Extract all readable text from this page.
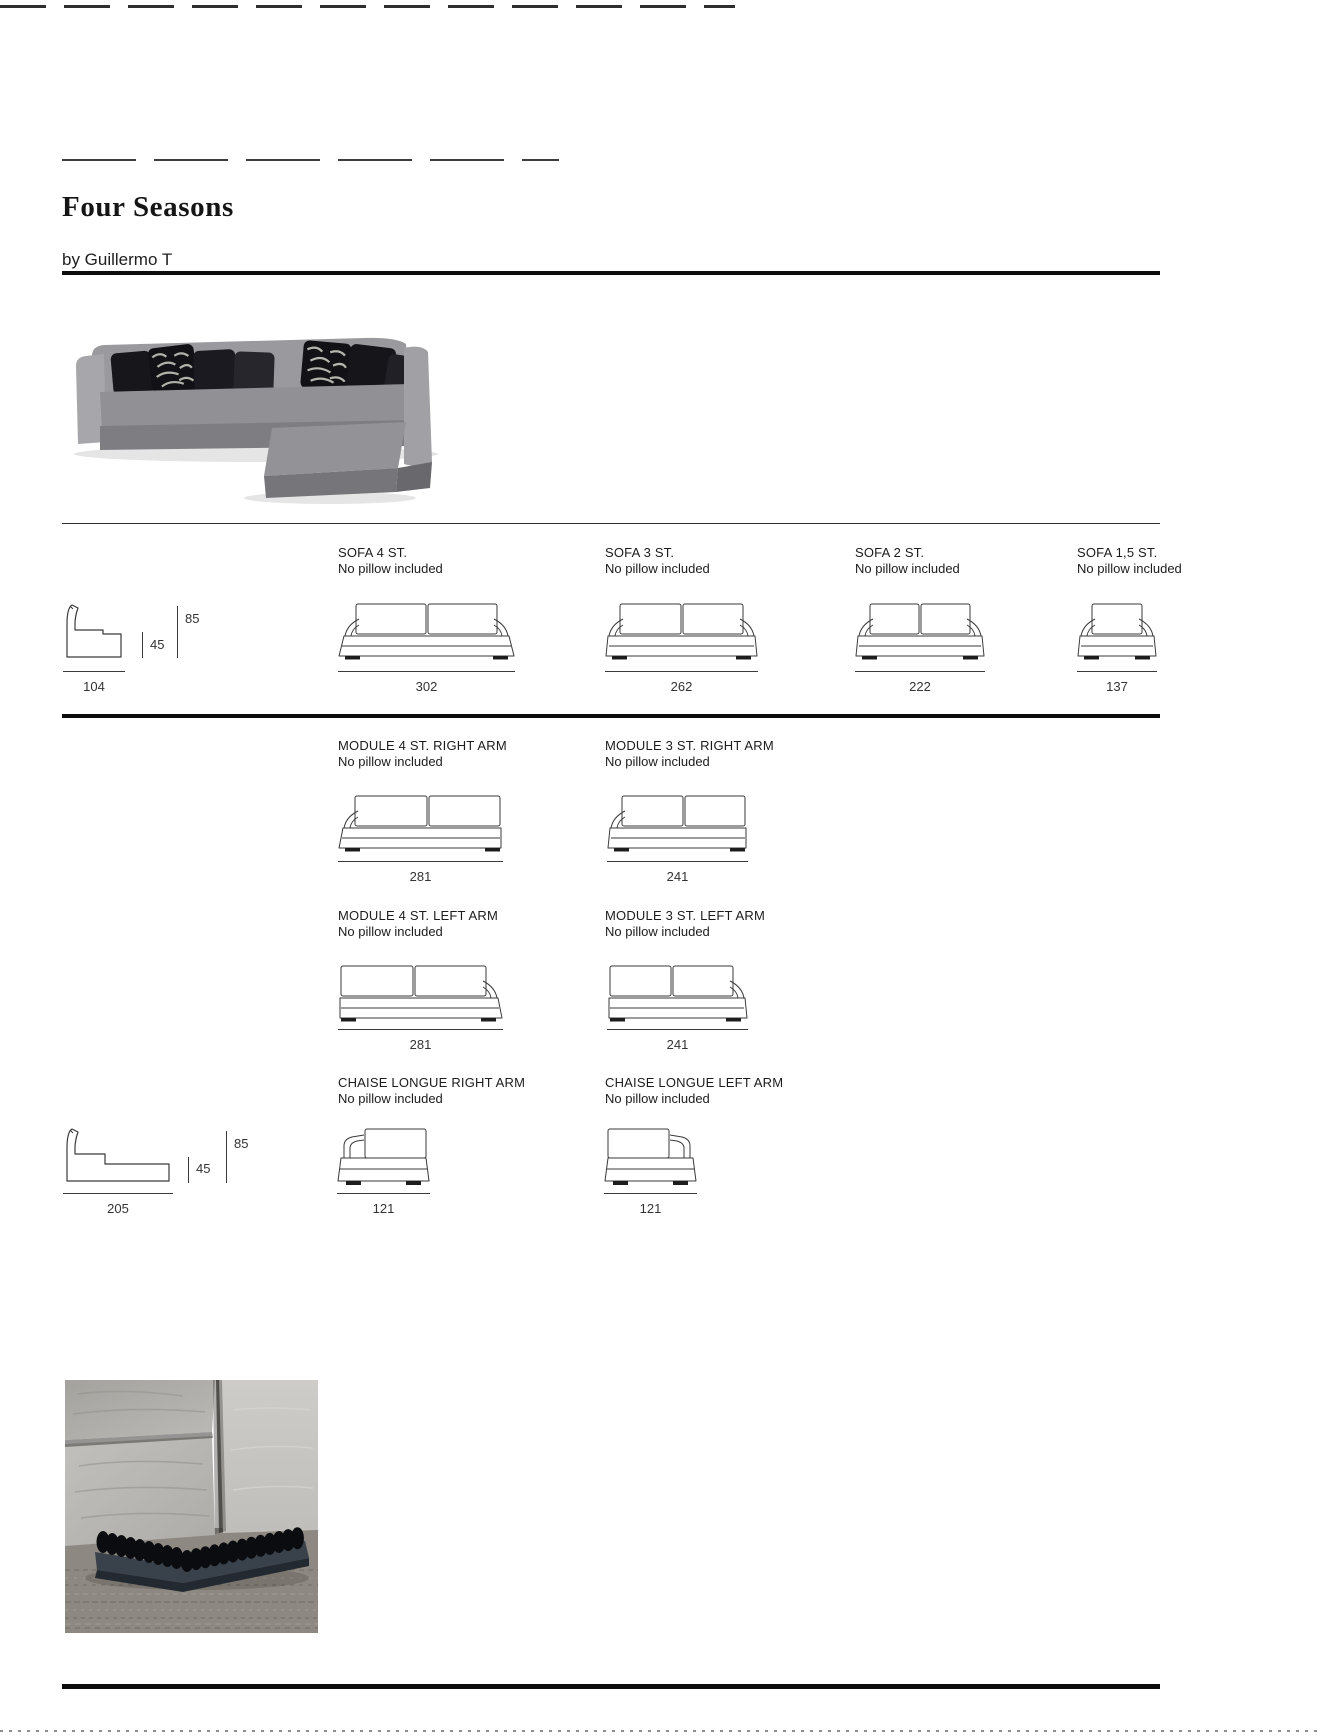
Four Seasons
by Guillermo T
45
85
104
SOFA 4 ST.
No pillow included
302
SOFA 3 ST.
No pillow included
262
SOFA 2 ST.
No pillow included
222
SOFA 1,5 ST.
No pillow included
137
MODULE 4 ST. RIGHT ARM
No pillow included
281
MODULE 3 ST. RIGHT ARM
No pillow included
241
MODULE 4 ST. LEFT ARM
No pillow included
281
MODULE 3 ST. LEFT ARM
No pillow included
241
CHAISE LONGUE RIGHT ARM
No pillow included
CHAISE LONGUE LEFT ARM
No pillow included
45
85
205	121	121
